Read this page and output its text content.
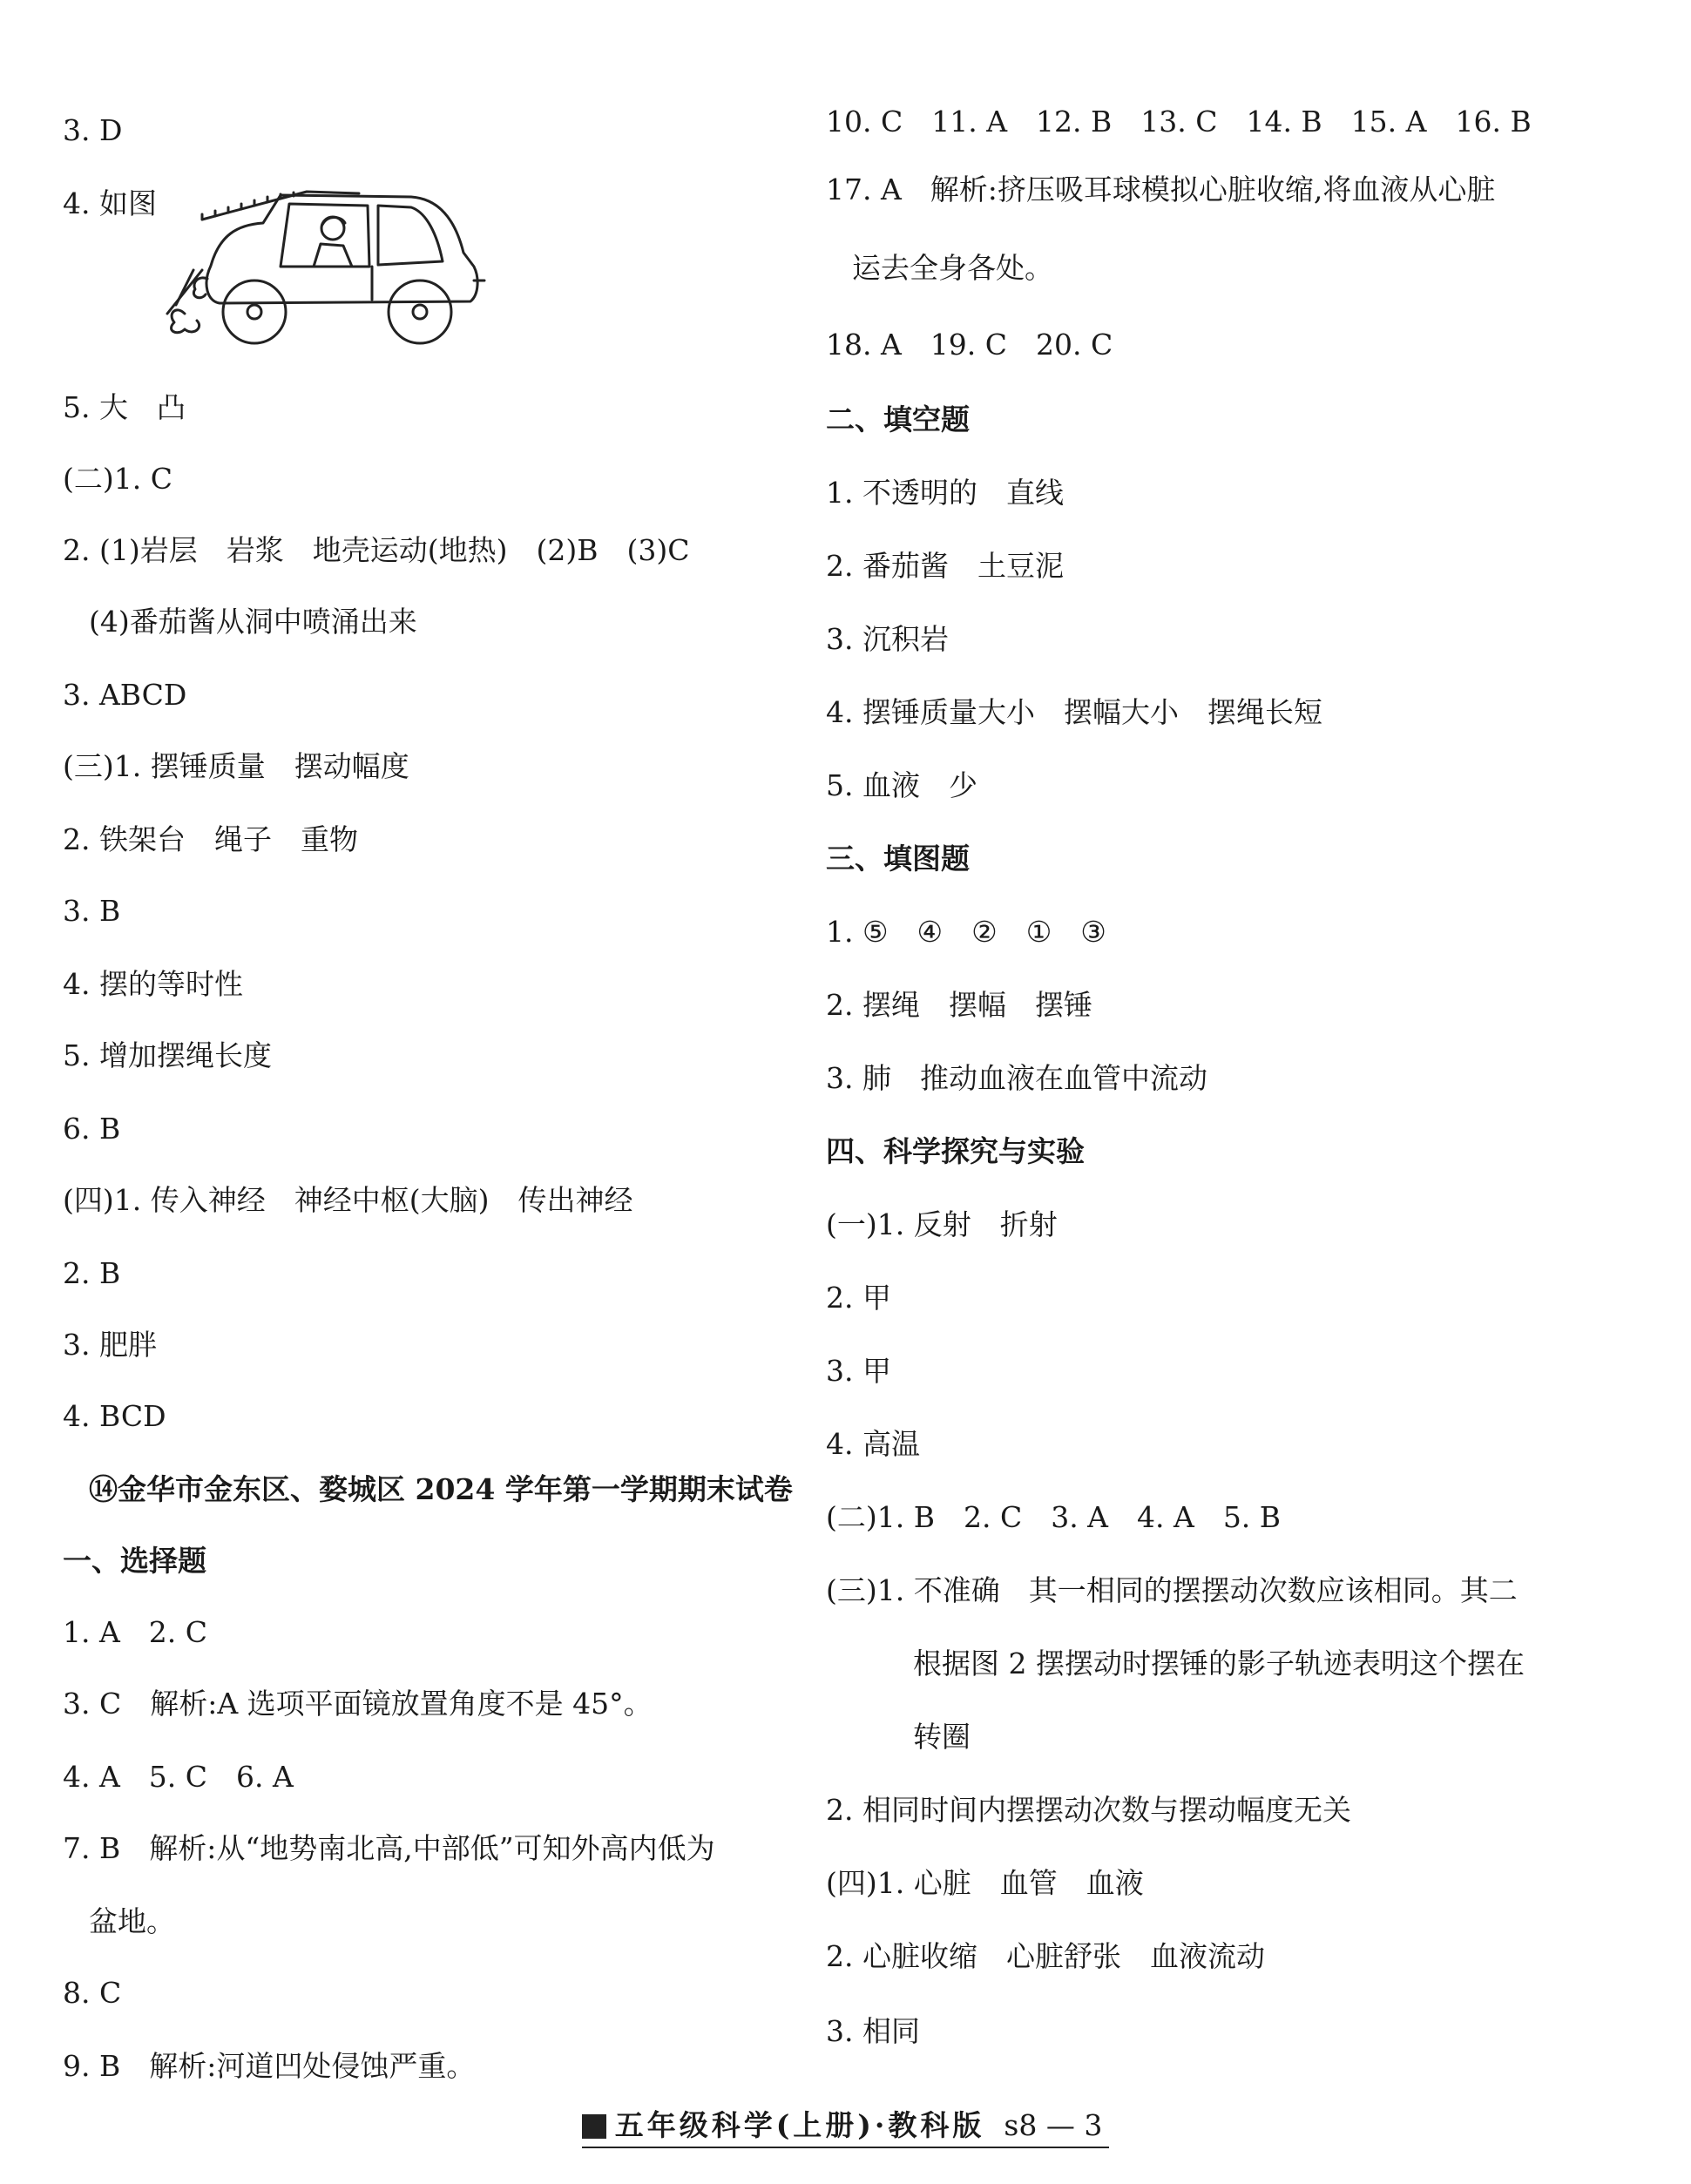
3. D
4. 如图
5. 大　凸
(二)1. C
2. (1)岩层　岩浆　地壳运动(地热)　(2)B　(3)C
(4)番茄酱从洞中喷涌出来
3. ABCD
(三)1. 摆锤质量　摆动幅度
2. 铁架台　绳子　重物
3. B
4. 摆的等时性
5. 增加摆绳长度
6. B
(四)1. 传入神经　神经中枢(大脑)　传出神经
2. B
3. 肥胖
4. BCD
⑭金华市金东区、婺城区 2024 学年第一学期期末试卷
一、选择题
1. A　2. C
3. C　解析:A 选项平面镜放置角度不是 45°。
4. A　5. C　6. A
7. B　解析:从“地势南北高,中部低”可知外高内低为
盆地。
8. C
9. B　解析:河道凹处侵蚀严重。
10. C　11. A　12. B　13. C　14. B　15. A　16. B
17. A　解析:挤压吸耳球模拟心脏收缩,将血液从心脏
运去全身各处。
18. A　19. C　20. C
二、填空题
1. 不透明的　直线
2. 番茄酱　土豆泥
3. 沉积岩
4. 摆锤质量大小　摆幅大小　摆绳长短
5. 血液　少
三、填图题
1. ⑤　④　②　①　③
2. 摆绳　摆幅　摆锤
3. 肺　推动血液在血管中流动
四、科学探究与实验
(一)1. 反射　折射
2. 甲
3. 甲
4. 高温
(二)1. B　2. C　3. A　4. A　5. B
(三)1. 不准确　其一相同的摆摆动次数应该相同。其二
根据图 2 摆摆动时摆锤的影子轨迹表明这个摆在
转圈
2. 相同时间内摆摆动次数与摆动幅度无关
(四)1. 心脏　血管　血液
2. 心脏收缩　心脏舒张　血液流动
3. 相同
五年级科学(上册)·教科版 s8 — 3
